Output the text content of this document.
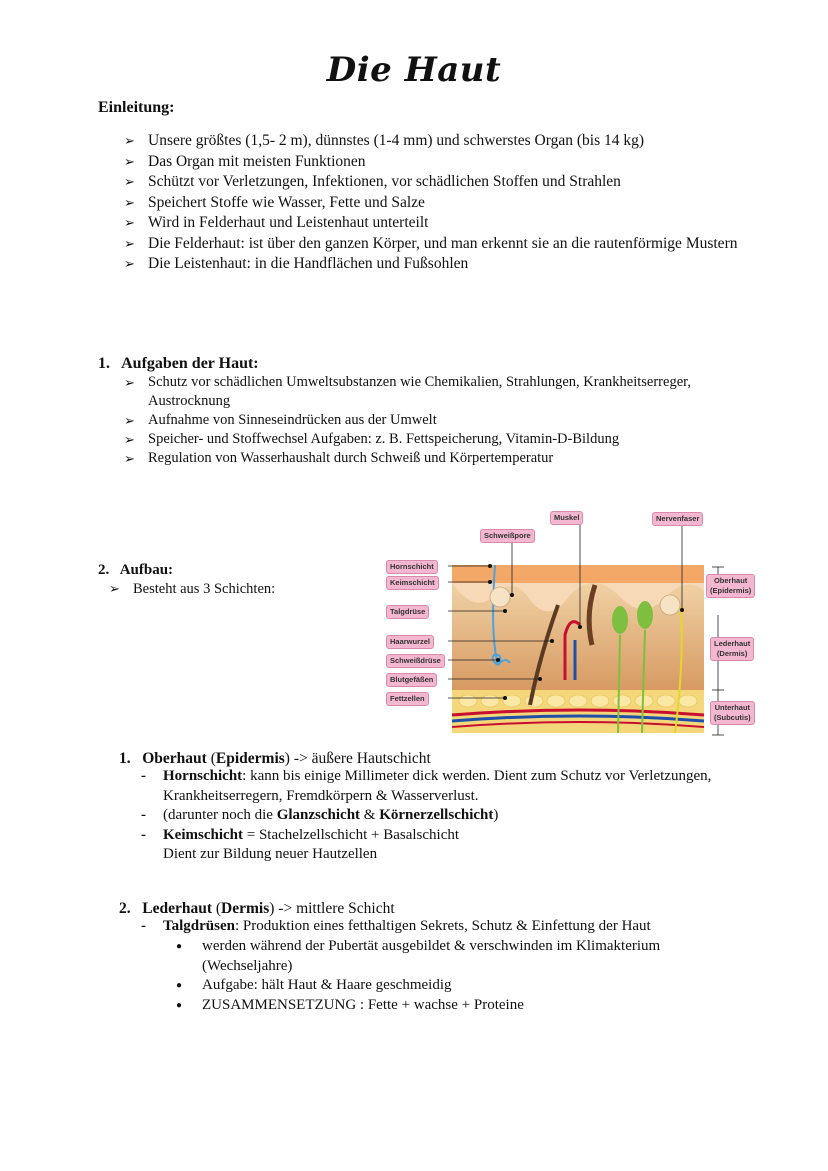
Die Haut
Einleitung:
➢ Unsere größtes (1,5- 2 m), dünnstes (1-4 mm) und schwerstes Organ (bis 14 kg)
➢ Das Organ mit meisten Funktionen
➢ Schützt vor Verletzungen, Infektionen, vor schädlichen Stoffen und Strahlen
➢ Speichert Stoffe wie Wasser, Fette und Salze
➢ Wird in Felderhaut und Leistenhaut unterteilt
➢ Die Felderhaut: ist über den ganzen Körper, und man erkennt sie an die rautenförmige Mustern
➢ Die Leistenhaut: in die Handflächen und Fußsohlen
1. Aufgaben der Haut:
➢ Schutz vor schädlichen Umweltsubstanzen wie Chemikalien, Strahlungen, Krankheitserreger, Austrocknung
➢ Aufnahme von Sinneseindrücken aus der Umwelt
➢ Speicher- und Stoffwechsel Aufgaben: z. B. Fettspeicherung, Vitamin-D-Bildung
➢ Regulation von Wasserhaushalt durch Schweiß und Körpertemperatur
2. Aufbau:
➢ Besteht aus 3 Schichten:
Schweißpore
Muskel	Nervenfaser
Hornschicht
Keimschicht
Talgdrüse
Haarwurzel
Schweißdrüse
Blutgefäßen
Fettzellen
Oberhaut
(Epidermis)
Lederhaut
(Dermis)
Unterhaut
(Subcutis)
1. Oberhaut (Epidermis) -> äußere Hautschicht
- Hornschicht: kann bis einige Millimeter dick werden. Dient zum Schutz vor Verletzungen, Krankheitserregern, Fremdkörpern & Wasserverlust.
- (darunter noch die Glanzschicht & Körnerzellschicht)
- Keimschicht = Stachelzellschicht + Basalschicht
Dient zur Bildung neuer Hautzellen
2. Lederhaut (Dermis) -> mittlere Schicht
- Talgdrüsen: Produktion eines fetthaltigen Sekrets, Schutz & Einfettung der Haut
● werden während der Pubertät ausgebildet & verschwinden im Klimakterium (Wechseljahre)
● Aufgabe: hält Haut & Haare geschmeidig
● ZUSAMMENSETZUNG : Fette + wachse + Proteine
